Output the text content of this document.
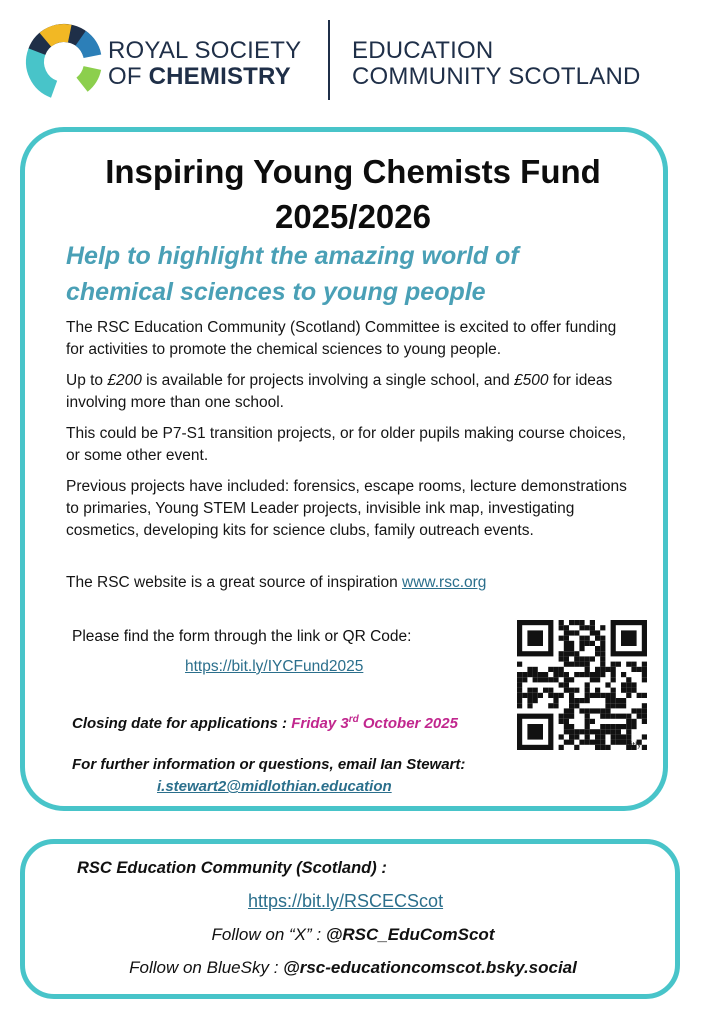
ROYAL SOCIETY
OF CHEMISTRY
EDUCATION
COMMUNITY SCOTLAND
Inspiring Young Chemists Fund
2025/2026
Help to highlight the amazing world of
chemical sciences to young people
The RSC Education Community (Scotland) Committee is excited to offer funding for activities to promote the chemical sciences to young people.
Up to £200 is available for projects involving a single school, and £500 for ideas involving more than one school.
This could be P7-S1 transition projects, or for older pupils making course choices, or some other event.
Previous projects have included: forensics, escape rooms, lecture demonstrations to primaries, Young STEM Leader projects, invisible ink map, investigating cosmetics, developing kits for science clubs, family outreach events.
The RSC website is a great source of inspiration www.rsc.org
Please find the form through the link or QR Code:
https://bit.ly/IYCFund2025
Closing date for applications : Friday 3rd October 2025
For further information or questions, email Ian Stewart:
i.stewart2@midlothian.education
bitly
RSC Education Community (Scotland) :
https://bit.ly/RSCECScot
Follow on “X” : @RSC_EduComScot
Follow on BlueSky : @rsc-educationcomscot.bsky.social
